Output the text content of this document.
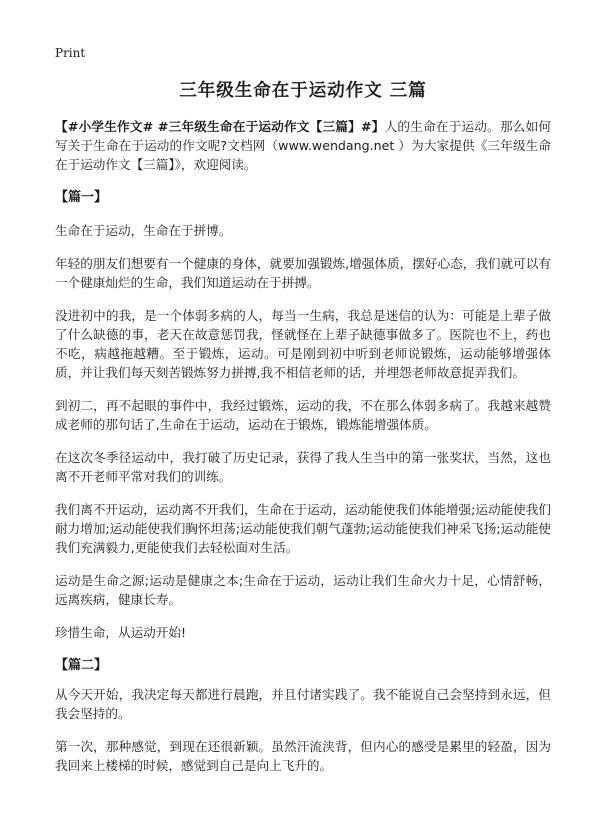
Print
三年级生命在于运动作文 三篇

【#小学生作文# #三年级生命在于运动作文【三篇】#】人的生命在于运动。那么如何写关于生命在于运动的作文呢?文档网（www.wendang.net ）为大家提供《三年级生命在于运动作文【三篇】》，欢迎阅读。

【篇一】

生命在于运动，生命在于拼博。

年轻的朋友们想要有一个健康的身体，就要加强锻炼,增强体质，摆好心态，我们就可以有一个健康灿烂的生命，我们知道运动在于拼搏。

没进初中的我，是一个体弱多病的人，每当一生病，我总是迷信的认为：可能是上辈子做了什么缺德的事，老天在故意惩罚我，怪就怪在上辈子缺德事做多了。医院也不上，药也不吃，病越拖越糟。至于锻炼，运动。可是刚到初中听到老师说锻炼，运动能够增强体质，并让我们每天刻苦锻炼努力拼搏,我不相信老师的话，并埋怨老师故意捉弄我们。

到初二，再不起眼的事件中，我经过锻炼，运动的我，不在那么体弱多病了。我越来越赞成老师的那句话了,生命在于运动，运动在于锻炼，锻炼能增强体质。

在这次冬季径运动中，我打破了历史记录，获得了我人生当中的第一张奖状，当然，这也离不开老师平常对我们的训练。

我们离不开运动，运动离不开我们，生命在于运动，运动能使我们体能增强;运动能使我们耐力增加;运动能使我们胸怀坦荡;运动能使我们朝气蓬勃;运动能使我们神采飞扬;运动能使我们充满毅力,更能使我们去轻松面对生活。

运动是生命之源;运动是健康之本;生命在于运动，运动让我们生命火力十足，心情舒畅，远离疾病，健康长寿。

珍惜生命，从运动开始!

【篇二】

从今天开始，我决定每天都进行晨跑，并且付诸实践了。我不能说自己会坚持到永远，但我会坚持的。

第一次，那种感觉，到现在还很新颖。虽然汗流浃背，但内心的感受是累里的轻盈，因为我回来上楼梯的时候，感觉到自己是向上飞升的。
